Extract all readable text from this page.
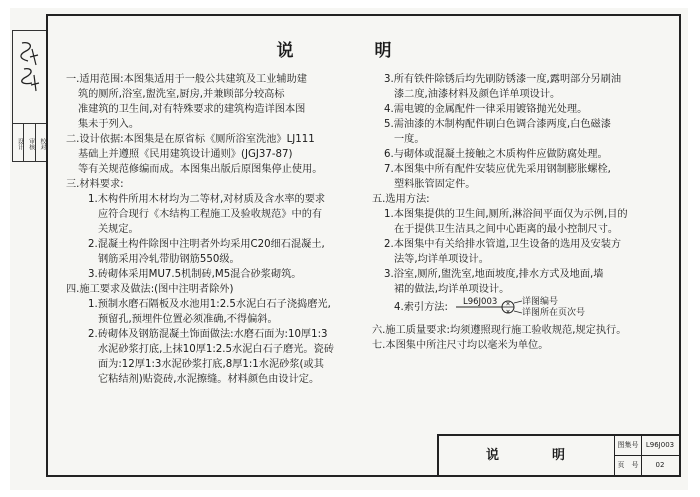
设计 审核 校对
说　明

一.适用范围:本图集适用于一般公共建筑及工业辅助建

筑的厕所,浴室,盥洗室,厨房,并兼顾部分较高标

准建筑的卫生间,对有特殊要求的建筑构造详图本图

集未于列入。

二.设计依据:本图集是在原省标《厕所浴室洗池》LJ111

基础上并遵照《民用建筑设计通则》(JGJ37-87)

等有关规范修编而成。本图集出版后原图集停止使用。

三.材料要求:

1.木构件所用木材均为二等材,对材质及含水率的要求

应符合现行《木结构工程施工及验收规范》中的有

关规定。

2.混凝土构件除图中注明者外均采用C20细石混凝土,

钢筋采用冷轧带肋钢筋550级。

3.砖砌体采用MU7.5机制砖,M5混合砂浆砌筑。

四.施工要求及做法:(图中注明者除外)

1.预制水磨石隔板及水池用1:2.5水泥白石子浇捣磨光,

预留孔,预埋件位置必须准确,不得偏斜。

2.砖砌体及钢筋混凝土饰面做法:水磨石面为:10厚1:3

水泥砂浆打底,上抹10厚1:2.5水泥白石子磨光。瓷砖

面为:12厚1:3水泥砂浆打底,8厚1:1水泥砂浆(或其

它粘结剂)贴瓷砖,水泥擦缝。材料颜色由设计定。

3.所有铁件除锈后均先刷防锈漆一度,露明部分另刷油

漆二度,油漆材料及颜色详单项设计。

4.需电镀的金属配件一律采用镀铬抛光处理。

5.需油漆的木制构配件刷白色调合漆两度,白色磁漆

一度。

6.与砌体或混凝土接触之木质构件应做防腐处理。

7.本图集中所有配件安装应优先采用钢制膨胀螺栓,

塑料胀管固定件。

五.选用方法:

1.本图集提供的卫生间,厕所,淋浴间平面仅为示例,目的

在于提供卫生洁具之间中心距离的最小控制尺寸。

2.本图集中有关给排水管道,卫生设备的选用及安装方

法等,均详单项设计。

3.浴室,厕所,盥洗室,地面坡度,排水方式及地面,墙

裙的做法,均详单项设计。

4.索引方法:	×
×
L96J003	详图编号
详图所在页次号

六.施工质量要求:均须遵照现行施工验收规范,规定执行。

七.本图集中所注尺寸均以毫米为单位。

说　明
图集号	L96J003
页　号	02
